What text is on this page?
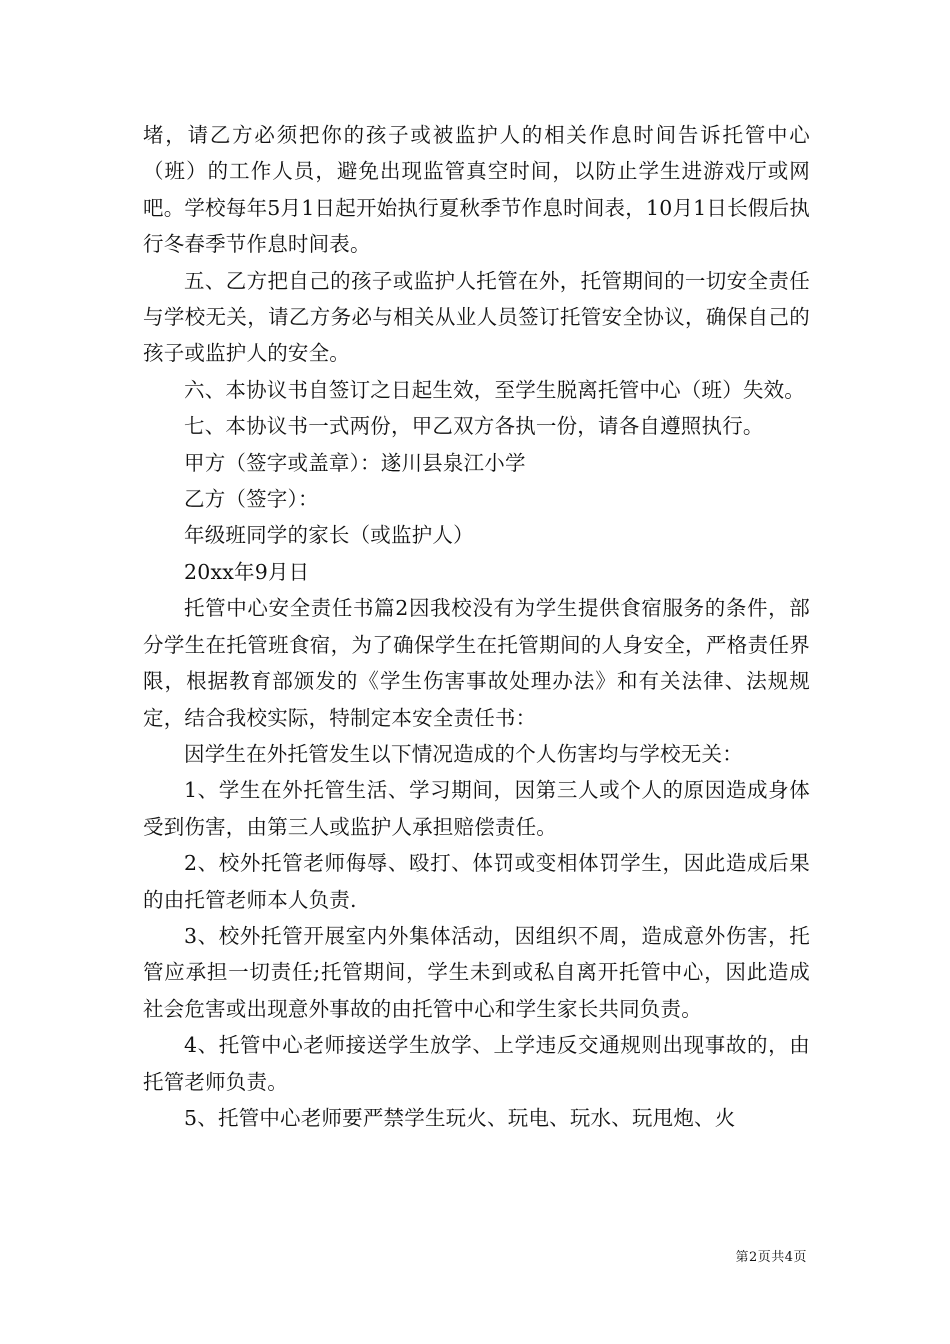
堵，请乙方必须把你的孩子或被监护人的相关作息时间告诉托管中心（班）的工作人员，避免出现监管真空时间，以防止学生进游戏厅或网吧。学校每年5月1日起开始执行夏秋季节作息时间表，10月1日长假后执行冬春季节作息时间表。

五、乙方把自己的孩子或监护人托管在外，托管期间的一切安全责任与学校无关，请乙方务必与相关从业人员签订托管安全协议，确保自己的孩子或监护人的安全。

六、本协议书自签订之日起生效，至学生脱离托管中心（班）失效。

七、本协议书一式两份，甲乙双方各执一份，请各自遵照执行。

甲方（签字或盖章）：遂川县泉江小学

乙方（签字）：

年级班同学的家长（或监护人）

20xx年9月日

托管中心安全责任书篇2因我校没有为学生提供食宿服务的条件，部分学生在托管班食宿，为了确保学生在托管期间的人身安全，严格责任界限，根据教育部颁发的《学生伤害事故处理办法》和有关法律、法规规定，结合我校实际，特制定本安全责任书：

因学生在外托管发生以下情况造成的个人伤害均与学校无关：

1、学生在外托管生活、学习期间，因第三人或个人的原因造成身体受到伤害，由第三人或监护人承担赔偿责任。

2、校外托管老师侮辱、殴打、体罚或变相体罚学生，因此造成后果的由托管老师本人负责.

3、校外托管开展室内外集体活动，因组织不周，造成意外伤害，托管应承担一切责任;托管期间，学生未到或私自离开托管中心，因此造成社会危害或出现意外事故的由托管中心和学生家长共同负责。

4、托管中心老师接送学生放学、上学违反交通规则出现事故的，由托管老师负责。

5、托管中心老师要严禁学生玩火、玩电、玩水、玩甩炮、火

第2页共4页
